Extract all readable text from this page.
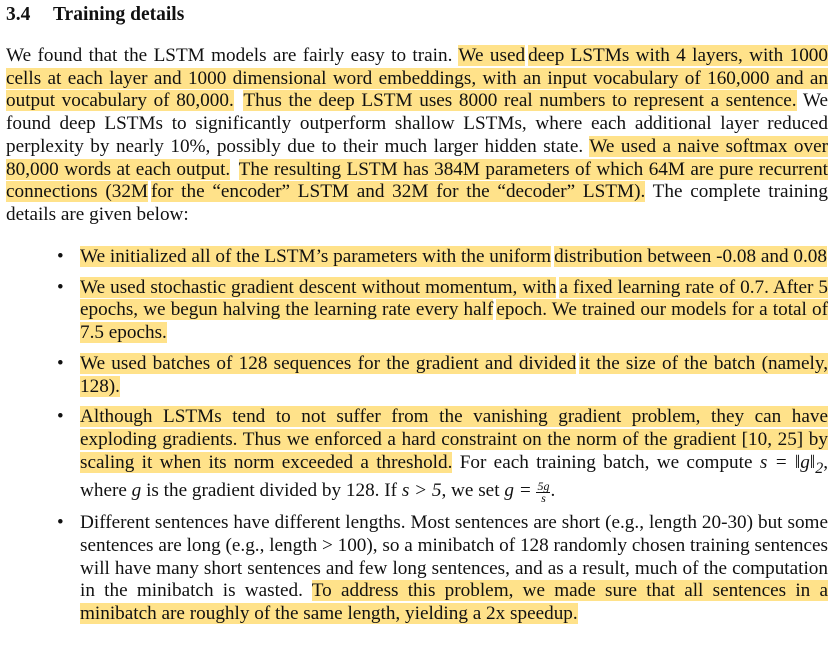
3.4 Training details

We found that the LSTM models are fairly easy to train. We used deep LSTMs with 4 layers, with 1000 cells at each layer and 1000 dimensional word embeddings, with an input vocabulary of 160,000 and an output vocabulary of 80,000. Thus the deep LSTM uses 8000 real numbers to represent a sentence. We found deep LSTMs to significantly outperform shallow LSTMs, where each additional layer reduced perplexity by nearly 10%, possibly due to their much larger hidden state. We used a naive softmax over 80,000 words at each output. The resulting LSTM has 384M parameters of which 64M are pure recurrent connections (32M for the “encoder” LSTM and 32M for the “decoder” LSTM). The complete training details are given below:

• We initialized all of the LSTM’s parameters with the uniform distribution between -0.08 and 0.08
• We used stochastic gradient descent without momentum, with a fixed learning rate of 0.7. After 5 epochs, we begun halving the learning rate every half epoch. We trained our models for a total of 7.5 epochs.
• We used batches of 128 sequences for the gradient and divided it the size of the batch (namely, 128).
• Although LSTMs tend to not suffer from the vanishing gradient problem, they can have exploding gradients. Thus we enforced a hard constraint on the norm of the gradient [10, 25] by scaling it when its norm exceeded a threshold. For each training batch, we compute $s = ‖g‖_2$, where g is the gradient divided by 128. If s > 5, we set $g = \frac{5g}{s}$ .
• Different sentences have different lengths. Most sentences are short (e.g., length 20-30) but some sentences are long (e.g., length > 100), so a minibatch of 128 randomly chosen training sentences will have many short sentences and few long sentences, and as a result, much of the computation in the minibatch is wasted. To address this problem, we made sure that all sentences in a minibatch are roughly of the same length, yielding a 2x speedup.
